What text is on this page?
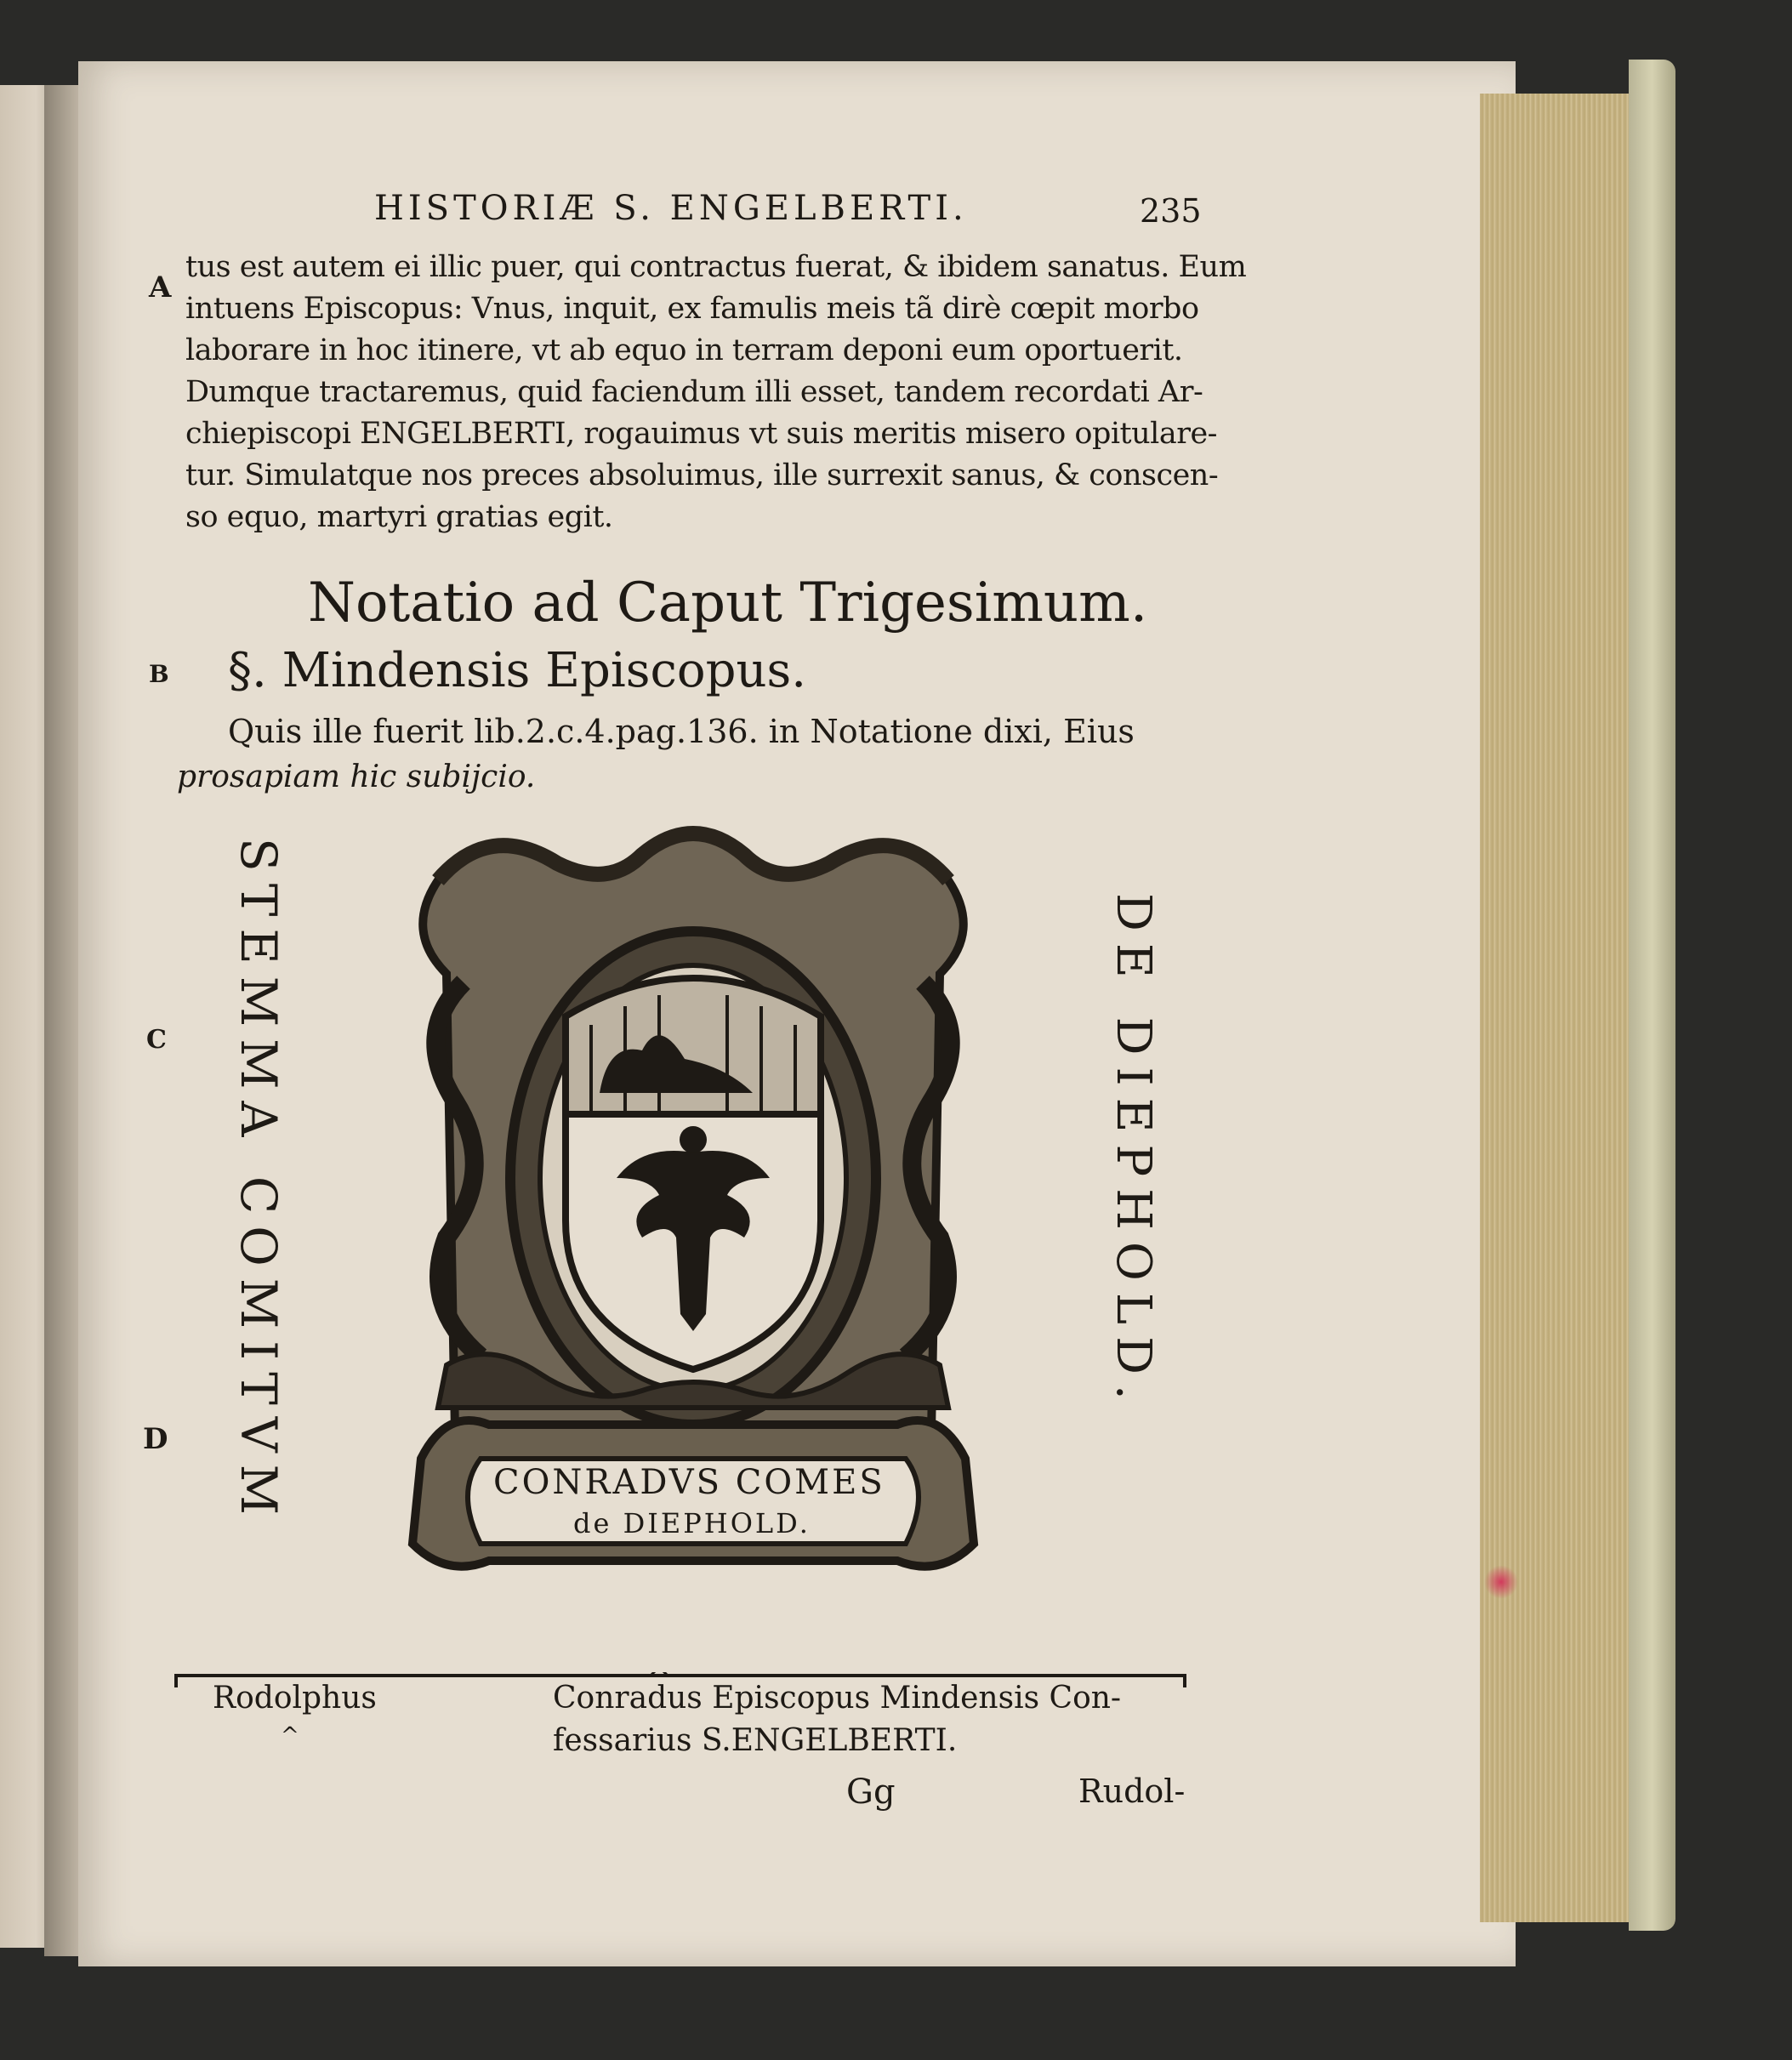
HISTORIÆ S. ENGELBERTI.	235
A
tus est autem ei illic puer, qui contractus fuerat, & ibidem sanatus. Eum
intuens Episcopus: Vnus, inquit, ex famulis meis tã dirè cœpit morbo
laborare in hoc itinere, vt ab equo in terram deponi eum oportuerit.
Dumque tractaremus, quid faciendum illi esset, tandem recordati Ar-
chiepiscopi ENGELBERTI, rogauimus vt suis meritis misero opitulare-
tur. Simulatque nos preces absoluimus, ille surrexit sanus, & conscen-
so equo, martyri gratias egit.
Notatio ad Caput Trigesimum.
B §. Mindensis Episcopus.
Quis ille fuerit lib.2.c.4.pag.136. in Notatione dixi, Eius
prosapiam hic subijcio.
C
D STEMMA COMITVM	DE DIEPHOLD.
CONRADVS COMES
de DIEPHOLD.
Rodolphus
^
Conradus Episcopus Mindensis Con-
fessarius S.ENGELBERTI.
Gg	Rudol-
